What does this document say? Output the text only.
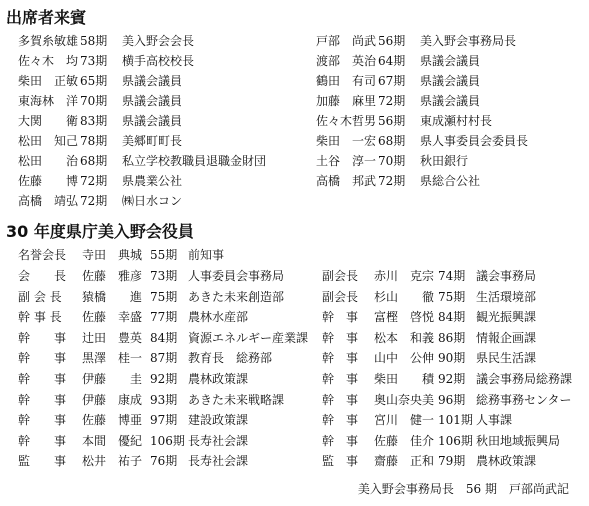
出席者来賓
多賀糸敏雄 58期 美入野会会長
佐々木　均 73期 横手高校校長
柴田　正敏 65期 県議会議員
東海林　洋 70期 県議会議員
大関　　衛 83期 県議会議員
松田　知己 78期 美郷町町長
松田　　治 68期 私立学校教職員退職金財団
佐藤　　博 72期 県農業公社
高橋　靖弘 72期 ㈱日水コン
戸部　尚武 56期 美入野会事務局長
渡部　英治 64期 県議会議員
鶴田　有司 67期 県議会議員
加藤　麻里 72期 県議会議員
佐々木哲男 56期 東成瀬村村長
柴田　一宏 68期 県人事委員会委員長
土谷　淳一 70期 秋田銀行
高橋　邦武 72期 県総合公社
30 年度県庁美入野会役員
名誉会長 寺田　典城 55期 前知事
会　　長 佐藤　雅彦 73期 人事委員会事務局
副 会 長 猿橋　　進 75期 あきた未来創造部
幹 事 長 佐藤　幸盛 77期 農林水産部
幹　　事 辻田　豊英 84期 資源エネルギー産業課
幹　　事 黒澤　桂一 87期 教育長　総務部
幹　　事 伊藤　　圭 92期 農林政策課
幹　　事 伊藤　康成 93期 あきた未来戦略課
幹　　事 佐藤　博亜 97期 建設政策課
幹　　事 本間　優紀 106期 長寿社会課
監　　事 松井　祐子 76期 長寿社会課
副会長 赤川　克宗 74期 議会事務局
副会長 杉山　　徹 75期 生活環境部
幹　事 富樫　啓悦 84期 観光振興課
幹　事 松本　和義 86期 情報企画課
幹　事 山中　公伸 90期 県民生活課
幹　事 柴田　　積 92期 議会事務局総務課
幹　事 奥山奈央美 96期 総務事務センター
幹　事 宮川　健一 101期 人事課
幹　事 佐藤　佳介 106期 秋田地域振興局
監　事 齋藤　正和 79期 農林政策課
美入野会事務局長　56 期　戸部尚武記
